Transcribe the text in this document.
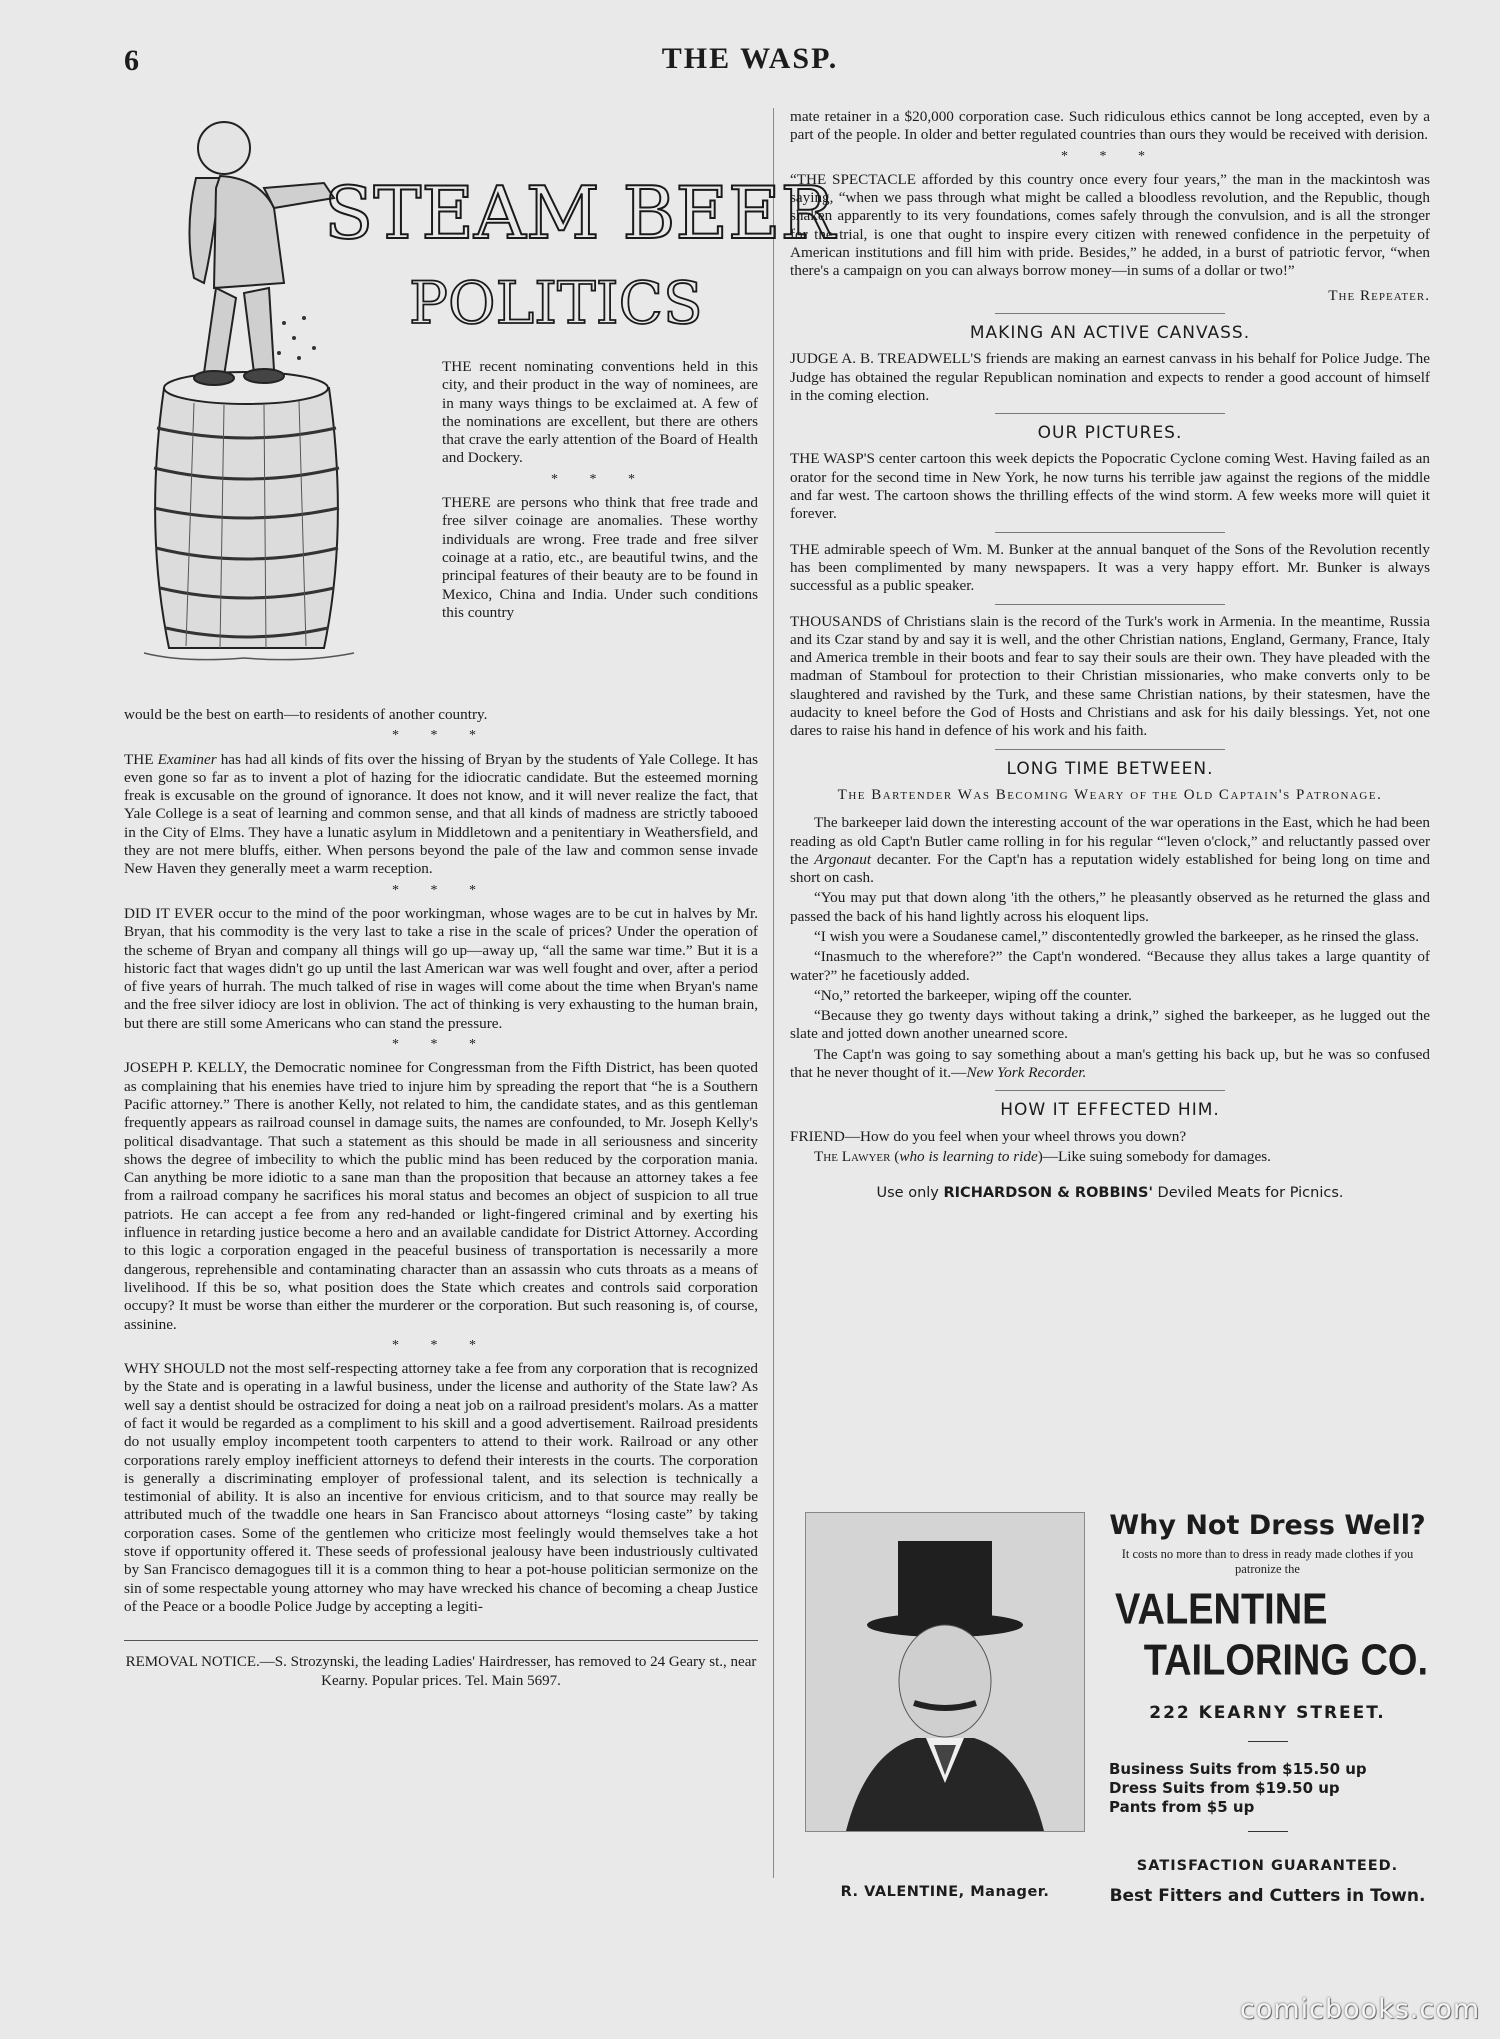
6	THE WASP.
STEAM BEER
POLITICS

THE recent nominating conventions held in this city, and their product in the way of nominees, are in many ways things to be exclaimed at. A few of the nominations are excellent, but there are others that crave the early attention of the Board of Health and Dockery.

* * *

THERE are persons who think that free trade and free silver coinage are anomalies. These worthy individuals are wrong. Free trade and free silver coinage at a ratio, etc., are beautiful twins, and the principal features of their beauty are to be found in Mexico, China and India. Under such conditions this country

would be the best on earth—to residents of another country.

* * *

THE Examiner has had all kinds of fits over the hissing of Bryan by the students of Yale College. It has even gone so far as to invent a plot of hazing for the idiocratic candidate. But the esteemed morning freak is excusable on the ground of ignorance. It does not know, and it will never realize the fact, that Yale College is a seat of learning and common sense, and that all kinds of madness are strictly tabooed in the City of Elms. They have a lunatic asylum in Middletown and a penitentiary in Weathersfield, and they are not mere bluffs, either. When persons beyond the pale of the law and common sense invade New Haven they generally meet a warm reception.

* * *

DID IT EVER occur to the mind of the poor workingman, whose wages are to be cut in halves by Mr. Bryan, that his commodity is the very last to take a rise in the scale of prices? Under the operation of the scheme of Bryan and company all things will go up—away up, “all the same war time.” But it is a historic fact that wages didn't go up until the last American war was well fought and over, after a period of five years of hurrah. The much talked of rise in wages will come about the time when Bryan's name and the free silver idiocy are lost in oblivion. The act of thinking is very exhausting to the human brain, but there are still some Americans who can stand the pressure.

* * *

JOSEPH P. KELLY, the Democratic nominee for Congressman from the Fifth District, has been quoted as complaining that his enemies have tried to injure him by spreading the report that “he is a Southern Pacific attorney.” There is another Kelly, not related to him, the candidate states, and as this gentleman frequently appears as railroad counsel in damage suits, the names are confounded, to Mr. Joseph Kelly's political disadvantage. That such a statement as this should be made in all seriousness and sincerity shows the degree of imbecility to which the public mind has been reduced by the corporation mania. Can anything be more idiotic to a sane man than the proposition that because an attorney takes a fee from a railroad company he sacrifices his moral status and becomes an object of suspicion to all true patriots. He can accept a fee from any red-handed or light-fingered criminal and by exerting his influence in retarding justice become a hero and an available candidate for District Attorney. According to this logic a corporation engaged in the peaceful business of transportation is necessarily a more dangerous, reprehensible and contaminating character than an assassin who cuts throats as a means of livelihood. If this be so, what position does the State which creates and controls said corporation occupy? It must be worse than either the murderer or the corporation. But such reasoning is, of course, assinine.

* * *

WHY SHOULD not the most self-respecting attorney take a fee from any corporation that is recognized by the State and is operating in a lawful business, under the license and authority of the State law? As well say a dentist should be ostracized for doing a neat job on a railroad president's molars. As a matter of fact it would be regarded as a compliment to his skill and a good advertisement. Railroad presidents do not usually employ incompetent tooth carpenters to attend to their work. Railroad or any other corporations rarely employ inefficient attorneys to defend their interests in the courts. The corporation is generally a discriminating employer of professional talent, and its selection is technically a testimonial of ability. It is also an incentive for envious criticism, and to that source may really be attributed much of the twaddle one hears in San Francisco about attorneys “losing caste” by taking corporation cases. Some of the gentlemen who criticize most feelingly would themselves take a hot stove if opportunity offered it. These seeds of professional jealousy have been industriously cultivated by San Francisco demagogues till it is a common thing to hear a pot-house politician sermonize on the sin of some respectable young attorney who may have wrecked his chance of becoming a cheap Justice of the Peace or a boodle Police Judge by accepting a legiti-

REMOVAL NOTICE.—S. Strozynski, the leading Ladies' Hairdresser, has removed to 24 Geary st., near Kearny. Popular prices. Tel. Main 5697.

mate retainer in a $20,000 corporation case. Such ridiculous ethics cannot be long accepted, even by a part of the people. In older and better regulated countries than ours they would be received with derision.

* * *

“THE SPECTACLE afforded by this country once every four years,” the man in the mackintosh was saying, “when we pass through what might be called a bloodless revolution, and the Republic, though shaken apparently to its very foundations, comes safely through the convulsion, and is all the stronger for the trial, is one that ought to inspire every citizen with renewed confidence in the perpetuity of American institutions and fill him with pride. Besides,” he added, in a burst of patriotic fervor, “when there's a campaign on you can always borrow money—in sums of a dollar or two!”

The Repeater.
MAKING AN ACTIVE CANVASS.

JUDGE A. B. TREADWELL'S friends are making an earnest canvass in his behalf for Police Judge. The Judge has obtained the regular Republican nomination and expects to render a good account of himself in the coming election.

OUR PICTURES.

THE WASP'S center cartoon this week depicts the Popocratic Cyclone coming West. Having failed as an orator for the second time in New York, he now turns his terrible jaw against the regions of the middle and far west. The cartoon shows the thrilling effects of the wind storm. A few weeks more will quiet it forever.

THE admirable speech of Wm. M. Bunker at the annual banquet of the Sons of the Revolution recently has been complimented by many newspapers. It was a very happy effort. Mr. Bunker is always successful as a public speaker.

THOUSANDS of Christians slain is the record of the Turk's work in Armenia. In the meantime, Russia and its Czar stand by and say it is well, and the other Christian nations, England, Germany, France, Italy and America tremble in their boots and fear to say their souls are their own. They have pleaded with the madman of Stamboul for protection to their Christian missionaries, who make converts only to be slaughtered and ravished by the Turk, and these same Christian nations, by their statesmen, have the audacity to kneel before the God of Hosts and Christians and ask for his daily blessings. Yet, not one dares to raise his hand in defence of his work and his faith.

LONG TIME BETWEEN.
The Bartender Was Becoming Weary of the Old Captain's Patronage.

The barkeeper laid down the interesting account of the war operations in the East, which he had been reading as old Capt'n Butler came rolling in for his regular “'leven o'clock,” and reluctantly passed over the Argonaut decanter. For the Capt'n has a reputation widely established for being long on time and short on cash.

“You may put that down along 'ith the others,” he pleasantly observed as he returned the glass and passed the back of his hand lightly across his eloquent lips.

“I wish you were a Soudanese camel,” discontentedly growled the barkeeper, as he rinsed the glass.

“Inasmuch to the wherefore?” the Capt'n wondered. “Because they allus takes a large quantity of water?” he facetiously added.

“No,” retorted the barkeeper, wiping off the counter.

“Because they go twenty days without taking a drink,” sighed the barkeeper, as he lugged out the slate and jotted down another unearned score.

The Capt'n was going to say something about a man's getting his back up, but he was so confused that he never thought of it.—New York Recorder.

HOW IT EFFECTED HIM.

FRIEND—How do you feel when your wheel throws you down?

The Lawyer (who is learning to ride)—Like suing somebody for damages.

Use only RICHARDSON & ROBBINS' Deviled Meats for Picnics.
Why Not Dress Well?
It costs no more than to dress in ready made clothes if you patronize the
VALENTINE
TAILORING CO.
222 KEARNY STREET.
Business Suits from $15.50 up
Dress Suits from $19.50 up
Pants from $5 up
SATISFACTION GUARANTEED.
Best Fitters and Cutters in Town.
R. VALENTINE, Manager.
comicbooks.com
